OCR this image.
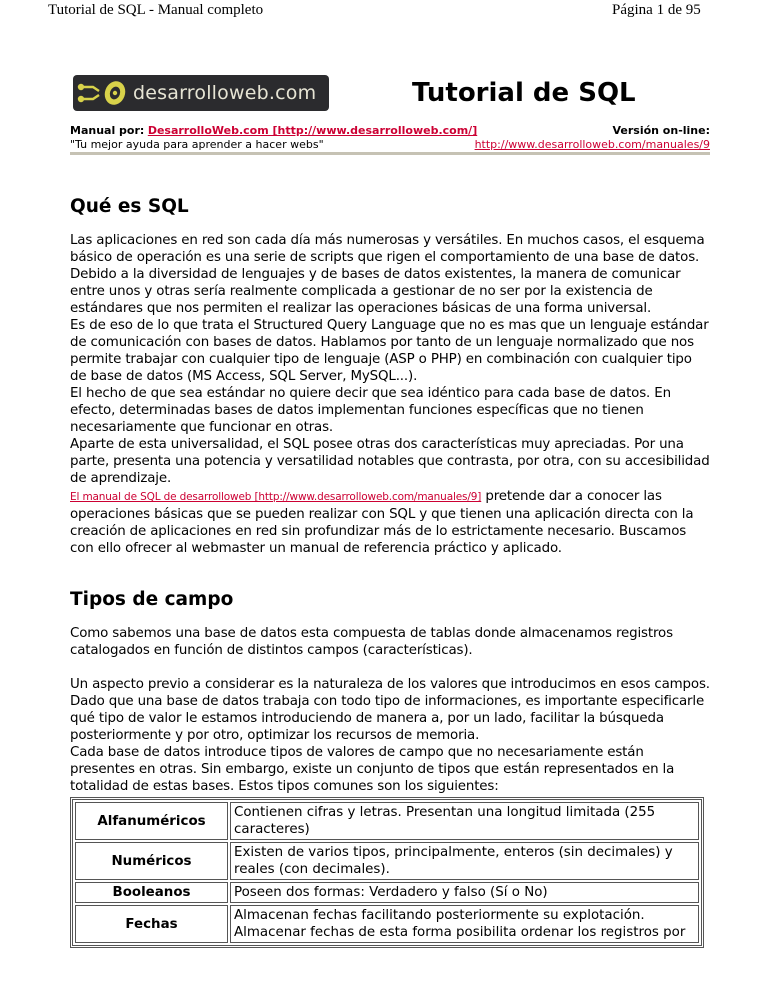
Tutorial de SQL - Manual completo	Página 1 de 95
desarrolloweb.com	Tutorial de SQL
Manual por: DesarrolloWeb.com [http://www.desarrolloweb.com/]
"Tu mejor ayuda para aprender a hacer webs"
Versión on-line:
http://www.desarrolloweb.com/manuales/9
Qué es SQL

Las aplicaciones en red son cada día más numerosas y versátiles. En muchos casos, el esquema básico de operación es una serie de scripts que rigen el comportamiento de una base de datos.

Debido a la diversidad de lenguajes y de bases de datos existentes, la manera de comunicar entre unos y otras sería realmente complicada a gestionar de no ser por la existencia de estándares que nos permiten el realizar las operaciones básicas de una forma universal.

Es de eso de lo que trata el Structured Query Language que no es mas que un lenguaje estándar de comunicación con bases de datos. Hablamos por tanto de un lenguaje normalizado que nos permite trabajar con cualquier tipo de lenguaje (ASP o PHP) en combinación con cualquier tipo de base de datos (MS Access, SQL Server, MySQL...).

El hecho de que sea estándar no quiere decir que sea idéntico para cada base de datos. En efecto, determinadas bases de datos implementan funciones específicas que no tienen necesariamente que funcionar en otras.

Aparte de esta universalidad, el SQL posee otras dos características muy apreciadas. Por una parte, presenta una potencia y versatilidad notables que contrasta, por otra, con su accesibilidad de aprendizaje.

El manual de SQL de desarrolloweb [http://www.desarrolloweb.com/manuales/9] pretende dar a conocer las operaciones básicas que se pueden realizar con SQL y que tienen una aplicación directa con la creación de aplicaciones en red sin profundizar más de lo estrictamente necesario. Buscamos con ello ofrecer al webmaster un manual de referencia práctico y aplicado.

Tipos de campo

Como sabemos una base de datos esta compuesta de tablas donde almacenamos registros catalogados en función de distintos campos (características).

Un aspecto previo a considerar es la naturaleza de los valores que introducimos en esos campos. Dado que una base de datos trabaja con todo tipo de informaciones, es importante especificarle qué tipo de valor le estamos introduciendo de manera a, por un lado, facilitar la búsqueda posteriormente y por otro, optimizar los recursos de memoria.

Cada base de datos introduce tipos de valores de campo que no necesariamente están presentes en otras. Sin embargo, existe un conjunto de tipos que están representados en la totalidad de estas bases. Estos tipos comunes son los siguientes:

Alfanuméricos	Contienen cifras y letras. Presentan una longitud limitada (255 caracteres)
Numéricos	Existen de varios tipos, principalmente, enteros (sin decimales) y reales (con decimales).
Booleanos	Poseen dos formas: Verdadero y falso (Sí o No)
Fechas	Almacenan fechas facilitando posteriormente su explotación. Almacenar fechas de esta forma posibilita ordenar los registros por
